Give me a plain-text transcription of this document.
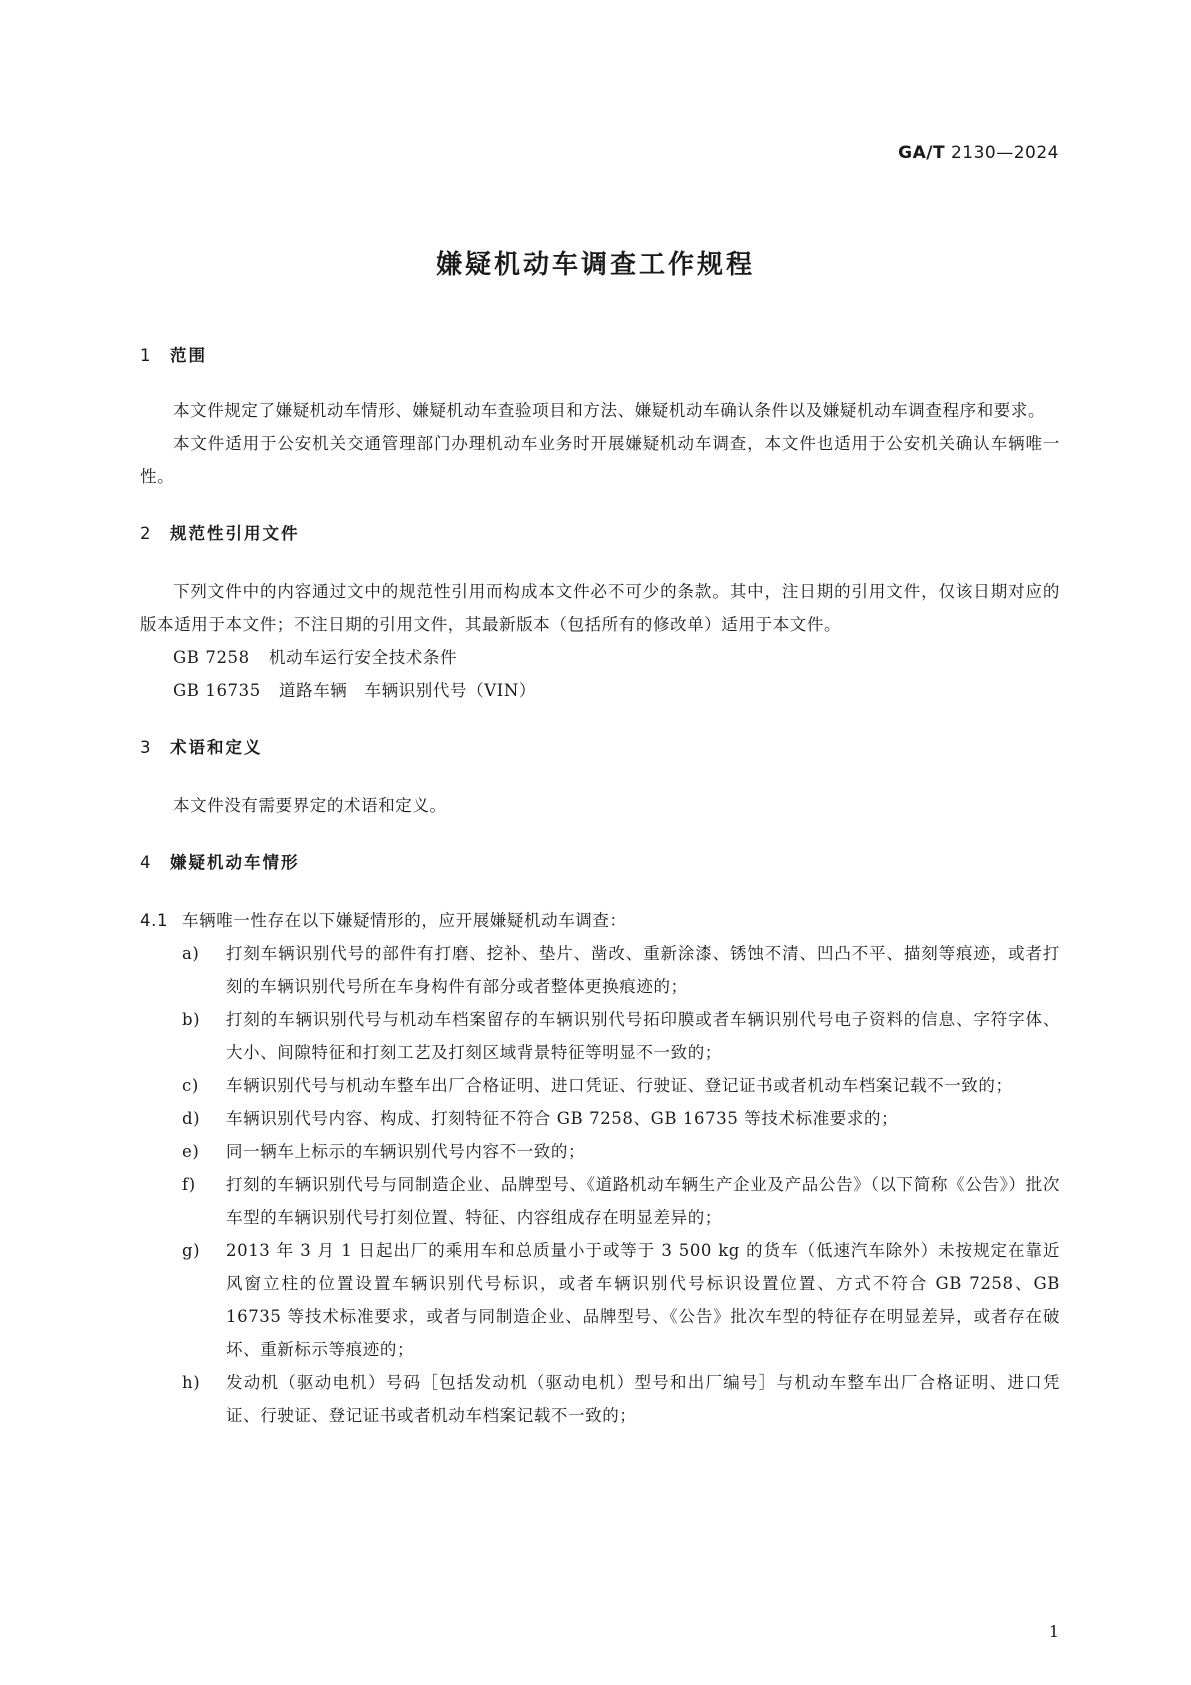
GA/T 2130—2024
嫌疑机动车调查工作规程
1 范围
本文件规定了嫌疑机动车情形、嫌疑机动车查验项目和方法、嫌疑机动车确认条件以及嫌疑机动车调查程序和要求。
本文件适用于公安机关交通管理部门办理机动车业务时开展嫌疑机动车调查，本文件也适用于公安机关确认车辆唯一性。
2 规范性引用文件
下列文件中的内容通过文中的规范性引用而构成本文件必不可少的条款。其中，注日期的引用文件，仅该日期对应的版本适用于本文件；不注日期的引用文件，其最新版本（包括所有的修改单）适用于本文件。
GB 7258 机动车运行安全技术条件
GB 16735 道路车辆　车辆识别代号（VIN）
3 术语和定义
本文件没有需要界定的术语和定义。
4 嫌疑机动车情形
4.1 车辆唯一性存在以下嫌疑情形的，应开展嫌疑机动车调查：
a) 打刻车辆识别代号的部件有打磨、挖补、垫片、凿改、重新涂漆、锈蚀不清、凹凸不平、描刻等痕迹，或者打刻的车辆识别代号所在车身构件有部分或者整体更换痕迹的；
b) 打刻的车辆识别代号与机动车档案留存的车辆识别代号拓印膜或者车辆识别代号电子资料的信息、字符字体、大小、间隙特征和打刻工艺及打刻区域背景特征等明显不一致的；
c) 车辆识别代号与机动车整车出厂合格证明、进口凭证、行驶证、登记证书或者机动车档案记载不一致的；
d) 车辆识别代号内容、构成、打刻特征不符合 GB 7258、GB 16735 等技术标准要求的；
e) 同一辆车上标示的车辆识别代号内容不一致的；
f) 打刻的车辆识别代号与同制造企业、品牌型号、《道路机动车辆生产企业及产品公告》（以下简称《公告》）批次车型的车辆识别代号打刻位置、特征、内容组成存在明显差异的；
g) 2013 年 3 月 1 日起出厂的乘用车和总质量小于或等于 3 500 kg 的货车（低速汽车除外）未按规定在靠近风窗立柱的位置设置车辆识别代号标识，或者车辆识别代号标识设置位置、方式不符合 GB 7258、GB 16735 等技术标准要求，或者与同制造企业、品牌型号、《公告》批次车型的特征存在明显差异，或者存在破坏、重新标示等痕迹的；
h) 发动机（驱动电机）号码［包括发动机（驱动电机）型号和出厂编号］与机动车整车出厂合格证明、进口凭证、行驶证、登记证书或者机动车档案记载不一致的；
1
